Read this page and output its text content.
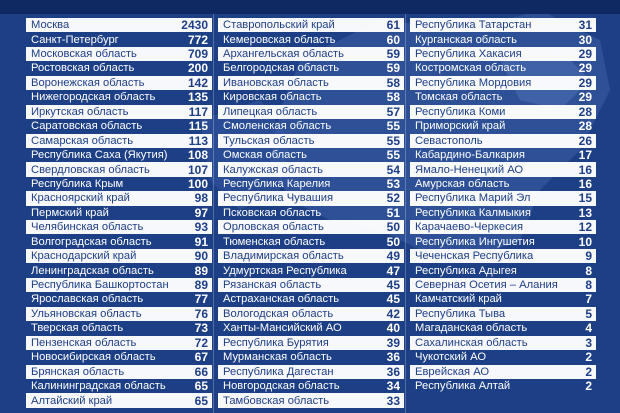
Москва	2430
Санкт-Петербург	772
Московская область	709
Ростовская область	200
Воронежская область	142
Нижегородская область	135
Иркутская область	117
Саратовская область	115
Самарская область	113
Республика Саха (Якутия) 108
Свердловская область	107
Республика Крым	100
Красноярский край	98
Пермский край	97
Челябинская область	93
Волгоградская область	91
Краснодарский край	90
Ленинградская область	89
Республика Башкортостан 89
Ярославская область	77
Ульяновская область	76
Тверская область	73
Пензенская область	72
Новосибирская область	67
Брянская область	66
Калининградская область 65
Алтайский край	65
Ставропольский край	61
Кемеровская область	60
Архангельская область	59
Белгородская область	59
Ивановская область	58
Кировская область	58
Липецкая область	57
Смоленская область	55
Тульская область	55
Омская область	55
Калужская область	54
Республика Карелия	53
Республика Чувашия	52
Псковская область	51
Орловская область	50
Тюменская область	50
Владимирская область	49
Удмуртская Республика	47
Рязанская область	45
Астраханская область	45
Вологодская область	42
Ханты-Мансийский АО	40
Республика Бурятия	39
Мурманская область	36
Республика Дагестан	36
Новгородская область	34
Тамбовская область	33
Республика Татарстан	31
Курганская область	30
Республика Хакасия	29
Костромская область	29
Республика Мордовия	29
Томская область	29
Республика Коми	28
Приморский край	28
Севастополь	26
Кабардино-Балкария	17
Ямало-Ненецкий АО	16
Амурская область	16
Республика Марий Эл	15
Республика Калмыкия	13
Карачаево-Черкесия	12
Республика Ингушетия	10
Чеченская Республика	9
Республика Адыгея	8
Северная Осетия – Алания 8
Камчатский край	7
Республика Тыва	5
Магаданская область	4
Сахалинская область	3
Чукотский АО	2
Еврейская АО	2
Республика Алтай	2
